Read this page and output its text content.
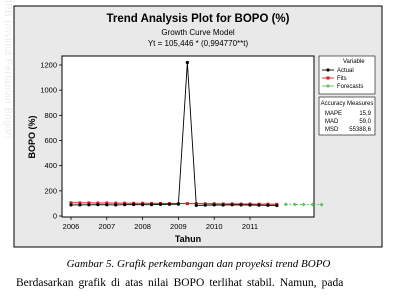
IPB (Institut Pertanian Bogor)	Trend Analysis Plot for BOPO (%)
Growth Curve Model
Yt = 105,446 * (0,994770**t)
BOPO (%)
Tahun
0
200
400
600
800
1000
1200
2006	2007	2008	2009	2010	2011
Variable
Actual
Fits
Forecasts
Accuracy Measures
MAPE	15,9
MAD	59,0
MSD 55388,6
Gambar 5. Grafik perkembangan dan proyeksi trend BOPO
Berdasarkan grafik di atas nilai BOPO terlihat stabil. Namun, pada
